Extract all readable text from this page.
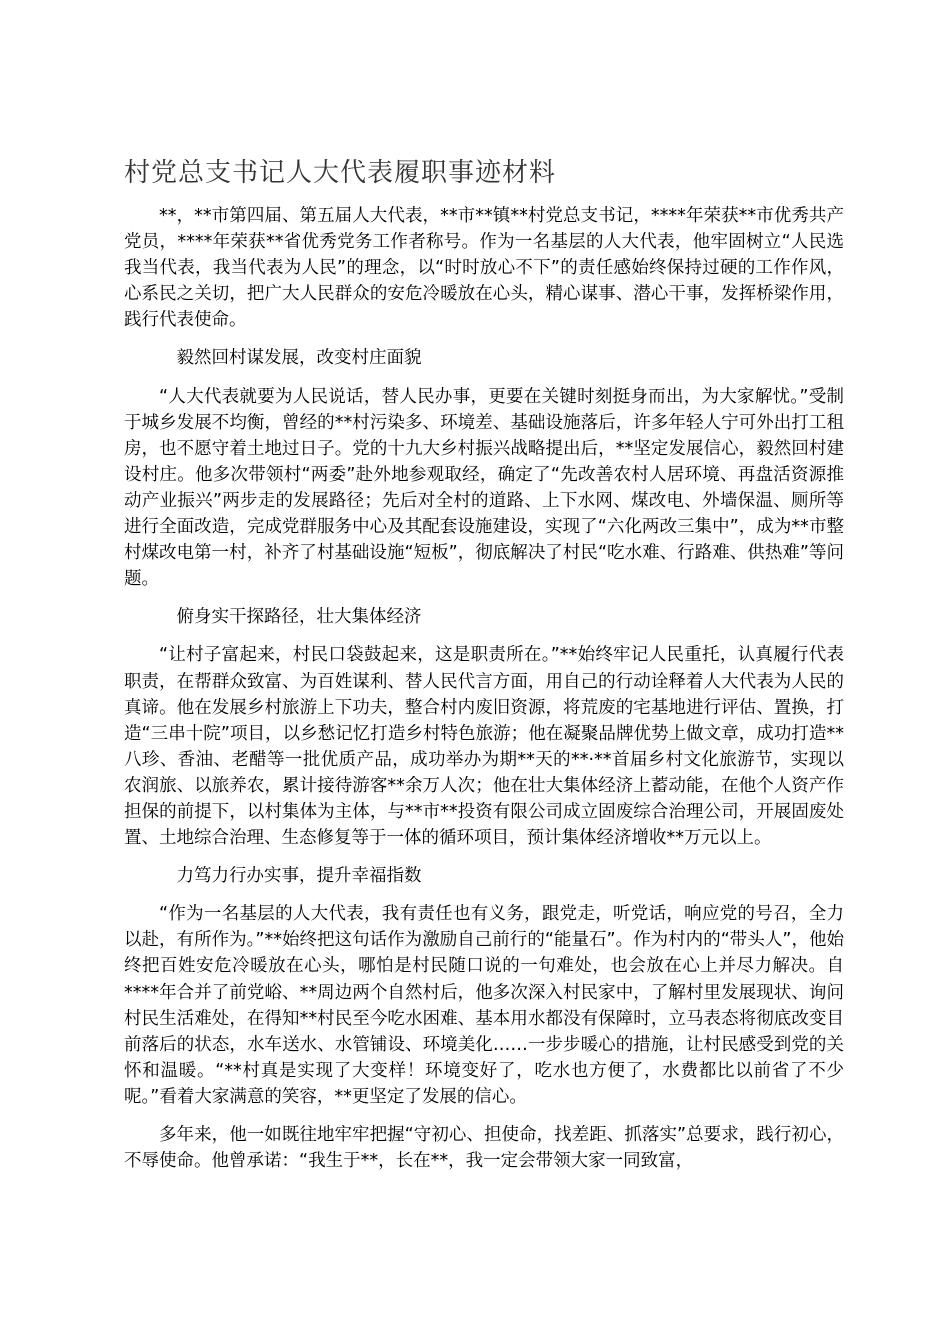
村党总支书记人大代表履职事迹材料

**，**市第四届、第五届人大代表，**市**镇**村党总支书记，****年荣获**市优秀共产党员，****年荣获**省优秀党务工作者称号。作为一名基层的人大代表，他牢固树立“人民选我当代表，我当代表为人民”的理念，以“时时放心不下”的责任感始终保持过硬的工作作风，心系民之关切，把广大人民群众的安危冷暖放在心头，精心谋事、潜心干事，发挥桥梁作用，践行代表使命。

毅然回村谋发展，改变村庄面貌

“人大代表就要为人民说话，替人民办事，更要在关键时刻挺身而出，为大家解忧。”受制于城乡发展不均衡，曾经的**村污染多、环境差、基础设施落后，许多年轻人宁可外出打工租房，也不愿守着土地过日子。党的十九大乡村振兴战略提出后，**坚定发展信心，毅然回村建设村庄。他多次带领村“两委”赴外地参观取经，确定了“先改善农村人居环境、再盘活资源推动产业振兴”两步走的发展路径；先后对全村的道路、上下水网、煤改电、外墙保温、厕所等进行全面改造，完成党群服务中心及其配套设施建设，实现了“六化两改三集中”，成为**市整村煤改电第一村，补齐了村基础设施“短板”，彻底解决了村民“吃水难、行路难、供热难”等问题。

俯身实干探路径，壮大集体经济

“让村子富起来，村民口袋鼓起来，这是职责所在。”**始终牢记人民重托，认真履行代表职责，在帮群众致富、为百姓谋利、替人民代言方面，用自己的行动诠释着人大代表为人民的真谛。他在发展乡村旅游上下功夫，整合村内废旧资源，将荒废的宅基地进行评估、置换，打造“三串十院”项目，以乡愁记忆打造乡村特色旅游；他在凝聚品牌优势上做文章，成功打造**八珍、香油、老醋等一批优质产品，成功举办为期**天的**·**首届乡村文化旅游节，实现以农润旅、以旅养农，累计接待游客**余万人次；他在壮大集体经济上蓄动能，在他个人资产作担保的前提下，以村集体为主体，与**市**投资有限公司成立固废综合治理公司，开展固废处置、土地综合治理、生态修复等于一体的循环项目，预计集体经济增收**万元以上。

力笃力行办实事，提升幸福指数

“作为一名基层的人大代表，我有责任也有义务，跟党走，听党话，响应党的号召，全力以赴，有所作为。”**始终把这句话作为激励自己前行的“能量石”。作为村内的“带头人”，他始终把百姓安危冷暖放在心头，哪怕是村民随口说的一句难处，也会放在心上并尽力解决。自****年合并了前党峪、**周边两个自然村后，他多次深入村民家中，了解村里发展现状、询问村民生活难处，在得知**村民至今吃水困难、基本用水都没有保障时，立马表态将彻底改变目前落后的状态，水车送水、水管铺设、环境美化……一步步暖心的措施，让村民感受到党的关怀和温暖。“**村真是实现了大变样！环境变好了，吃水也方便了，水费都比以前省了不少呢。”看着大家满意的笑容，**更坚定了发展的信心。

多年来，他一如既往地牢牢把握“守初心、担使命，找差距、抓落实”总要求，践行初心，不辱使命。他曾承诺：“我生于**，长在**，我一定会带领大家一同致富，
